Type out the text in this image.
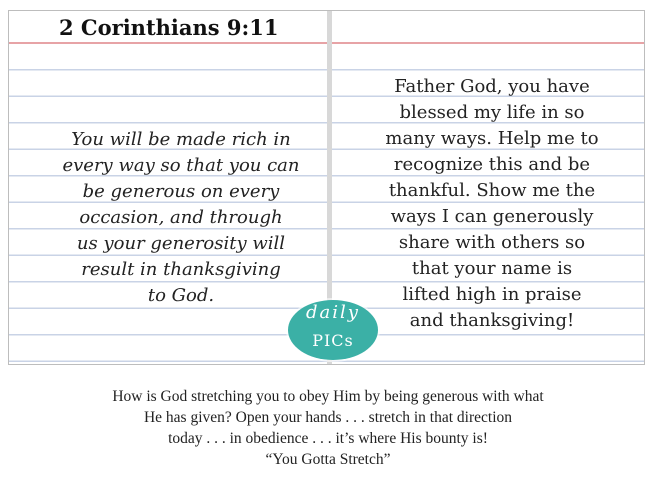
2 Corinthians 9:11
You will be made rich in
every way so that you can
be generous on every
occasion, and through
us your generosity will
result in thanksgiving
to God.
Father God, you have
blessed my life in so
many ways. Help me to
recognize this and be
thankful. Show me the
ways I can generously
share with others so
that your name is
lifted high in praise
and thanksgiving!
daily
PICs
How is God stretching you to obey Him by being generous with what
He has given? Open your hands . . . stretch in that direction
today . . . in obedience . . . it’s where His bounty is!
“You Gotta Stretch”
